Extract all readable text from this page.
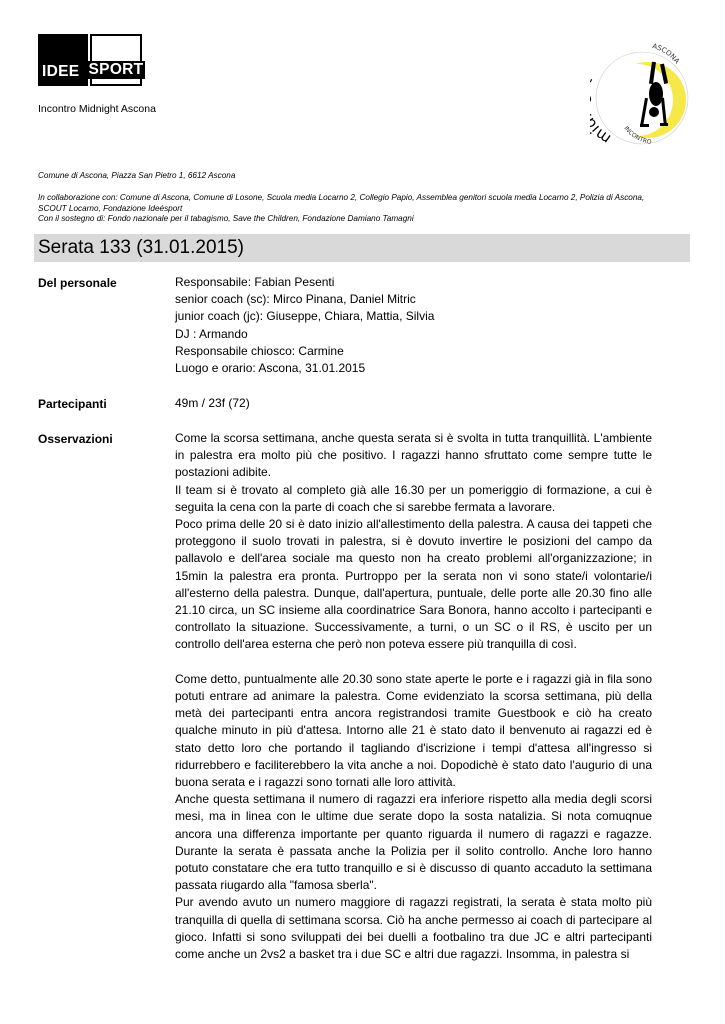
IDEE SPORT
Incontro Midnight Ascona
ASCONA
m INCONTRO
Comune di Ascona, Piazza San Pietro 1, 6612 Ascona
In collaborazione con: Comune di Ascona, Comune di Losone, Scuola media Locarno 2, Collegio Papio, Assemblea genitori scuola media Locarno 2, Polizia di Ascona,
SCOUT Locarno, Fondazione Ideésport
Con il sostegno di: Fondo nazionale per il tabagismo, Save the Children, Fondazione Damiano Tamagni
Serata 133 (31.01.2015)
Del personale	Responsabile: Fabian Pesenti
senior coach (sc): Mirco Pinana, Daniel Mitric
junior coach (jc): Giuseppe, Chiara, Mattia, Silvia
DJ : Armando
Responsabile chiosco: Carmine
Luogo e orario: Ascona, 31.01.2015
Partecipanti	49m / 23f (72)
Osservazioni	Come la scorsa settimana, anche questa serata si è svolta in tutta tranquillità. L'ambiente in palestra era molto più che positivo. I ragazzi hanno sfruttato come sempre tutte le postazioni adibite.

Il team si è trovato al completo già alle 16.30 per un pomeriggio di formazione, a cui è seguita la cena con la parte di coach che si sarebbe fermata a lavorare.

Poco prima delle 20 si è dato inizio all'allestimento della palestra. A causa dei tappeti che proteggono il suolo trovati in palestra, si è dovuto invertire le posizioni del campo da pallavolo e dell'area sociale ma questo non ha creato problemi all'organizzazione; in 15min la palestra era pronta. Purtroppo per la serata non vi sono state/i volontarie/i all'esterno della palestra. Dunque, dall'apertura, puntuale, delle porte alle 20.30 fino alle 21.10 circa, un SC insieme alla coordinatrice Sara Bonora, hanno accolto i partecipanti e controllato la situazione. Successivamente, a turni, o un SC o il RS, è uscito per un controllo dell'area esterna che però non poteva essere più tranquilla di così.

Come detto, puntualmente alle 20.30 sono state aperte le porte e i ragazzi già in fila sono potuti entrare ad animare la palestra. Come evidenziato la scorsa settimana, più della metà dei partecipanti entra ancora registrandosi tramite Guestbook e ciò ha creato qualche minuto in più d'attesa. Intorno alle 21 è stato dato il benvenuto ai ragazzi ed è stato detto loro che portando il tagliando d'iscrizione i tempi d'attesa all'ingresso si ridurrebbero e faciliterebbero la vita anche a noi. Dopodichè è stato dato l'augurio di una buona serata e i ragazzi sono tornati alle loro attività.

Anche questa settimana il numero di ragazzi era inferiore rispetto alla media degli scorsi mesi, ma in linea con le ultime due serate dopo la sosta natalizia. Si nota comuqnue ancora una differenza importante per quanto riguarda il numero di ragazzi e ragazze. Durante la serata è passata anche la Polizia per il solito controllo. Anche loro hanno potuto constatare che era tutto tranquillo e si è discusso di quanto accaduto la settimana passata riugardo alla "famosa sberla".

Pur avendo avuto un numero maggiore di ragazzi registrati, la serata è stata molto più tranquilla di quella di settimana scorsa. Ciò ha anche permesso ai coach di partecipare al gioco. Infatti si sono sviluppati dei bei duelli a footbalino tra due JC e altri partecipanti come anche un 2vs2 a basket tra i due SC e altri due ragazzi. Insomma, in palestra si
